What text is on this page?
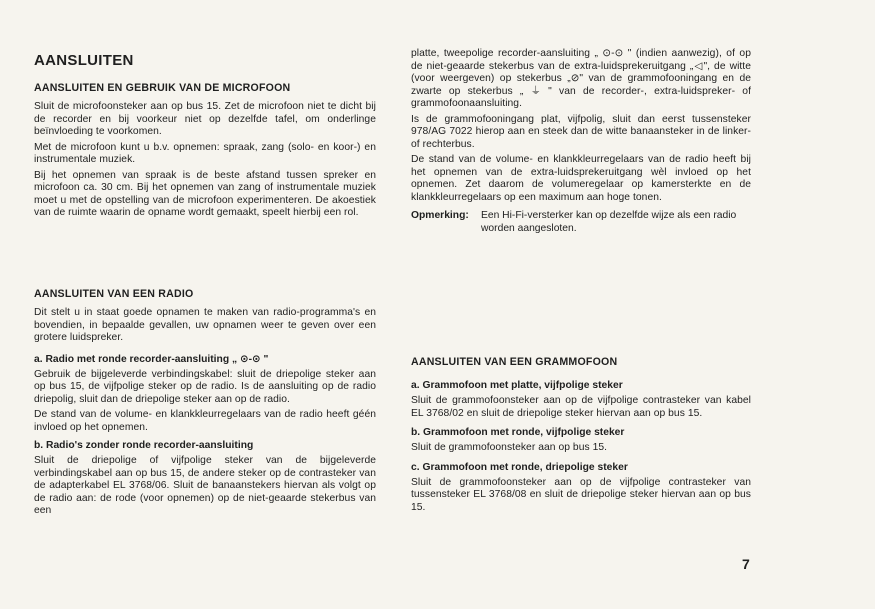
AANSLUITEN
AANSLUITEN EN GEBRUIK VAN DE MICROFOON

Sluit de microfoonsteker aan op bus 15. Zet de microfoon niet te dicht bij de recorder en bij voorkeur niet op dezelfde tafel, om onderlinge beïnvloeding te voorkomen.

Met de microfoon kunt u b.v. opnemen: spraak, zang (solo- en koor-) en instrumentale muziek.

Bij het opnemen van spraak is de beste afstand tussen spreker en microfoon ca. 30 cm. Bij het opnemen van zang of instrumentale muziek moet u met de opstelling van de microfoon experimenteren. De akoestiek van de ruimte waarin de opname wordt gemaakt, speelt hierbij een rol.

AANSLUITEN VAN EEN RADIO

Dit stelt u in staat goede opnamen te maken van radio-programma's en bovendien, in bepaalde gevallen, uw opnamen weer te geven over een grotere luidspreker.

a. Radio met ronde recorder-aansluiting „ ⊙-⊙ "

Gebruik de bijgeleverde verbindingskabel: sluit de driepolige steker aan op bus 15, de vijfpolige steker op de radio. Is de aansluiting op de radio driepolig, sluit dan de driepolige steker aan op de radio.

De stand van de volume- en klankkleurregelaars van de radio heeft géén invloed op het opnemen.

b. Radio's zonder ronde recorder-aansluiting

Sluit de driepolige of vijfpolige steker van de bijgeleverde verbindingskabel aan op bus 15, de andere steker op de contrasteker van de adapterkabel EL 3768/06. Sluit de banaanstekers hiervan als volgt op de radio aan: de rode (voor opnemen) op de niet-geaarde stekerbus van een

platte, tweepolige recorder-aansluiting „ ⊙-⊙ " (indien aanwezig), of op de niet-geaarde stekerbus van de extra-luidsprekeruitgang „◁", de witte (voor weergeven) op stekerbus „⊘" van de grammofooningang en de zwarte op stekerbus „ ⏚ " van de recorder-, extra-luidspreker- of grammofoonaansluiting.

Is de grammofooningang plat, vijfpolig, sluit dan eerst tussensteker 978/AG 7022 hierop aan en steek dan de witte banaansteker in de linker- of rechterbus.

De stand van de volume- en klankkleurregelaars van de radio heeft bij het opnemen van de extra-luidsprekeruitgang wèl invloed op het opnemen. Zet daarom de volumeregelaar op kamersterkte en de klankkleurregelaars op een maximum aan hoge tonen.

Opmerking:	Een Hi-Fi-versterker kan op dezelfde wijze als een radio worden aangesloten.
AANSLUITEN VAN EEN GRAMMOFOON
a. Grammofoon met platte, vijfpolige steker

Sluit de grammofoonsteker aan op de vijfpolige contrasteker van kabel EL 3768/02 en sluit de driepolige steker hiervan aan op bus 15.

b. Grammofoon met ronde, vijfpolige steker

Sluit de grammofoonsteker aan op bus 15.

c. Grammofoon met ronde, driepolige steker

Sluit de grammofoonsteker aan op de vijfpolige contrasteker van tussensteker EL 3768/08 en sluit de driepolige steker hiervan aan op bus 15.

7
